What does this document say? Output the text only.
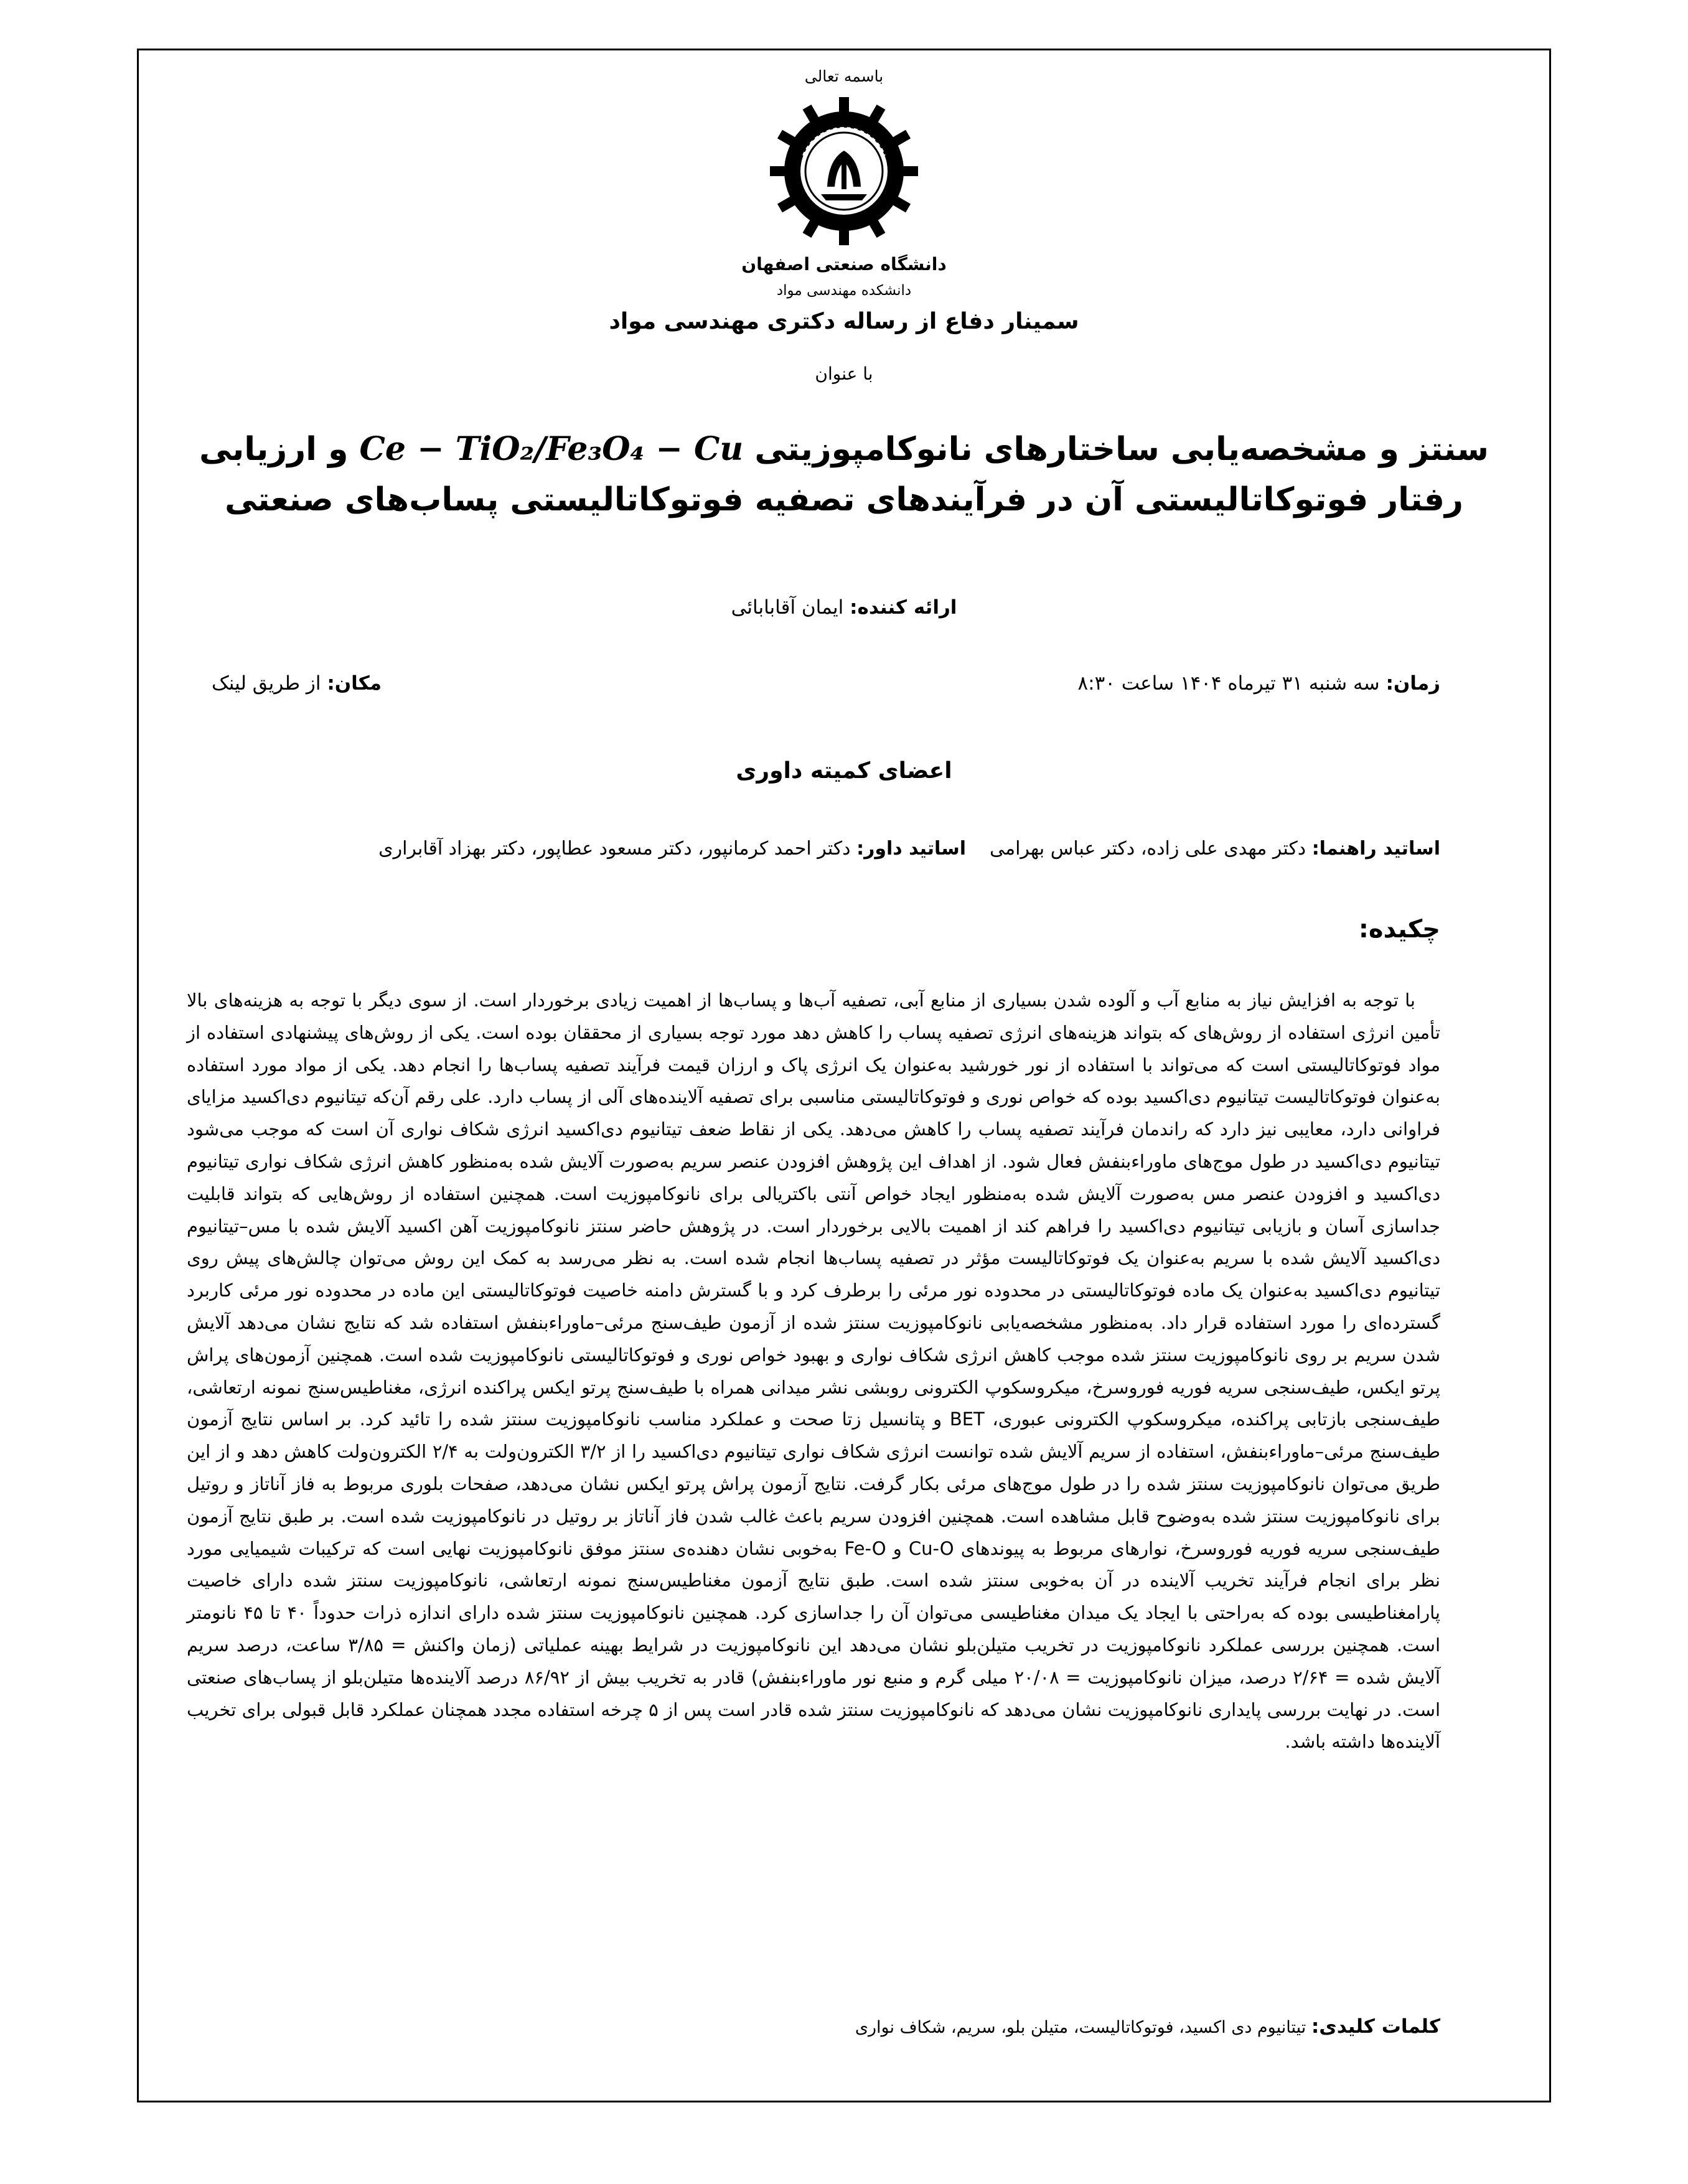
باسمه تعالی
دانشگاه صنعتی اصفهان
دانشکده مهندسی مواد
سمینار دفاع از رساله دکتری مهندسی مواد
با عنوان
سنتز و مشخصه‌یابی ساختارهای نانوکامپوزیتی Ce − TiO₂/Fe₃O₄ − Cu و ارزیابی رفتار فوتوکاتالیستی آن در فرآیندهای تصفیه فوتوکاتالیستی پساب‌های صنعتی
ارائه کننده: ایمان آقابابائی
زمان: سه شنبه ۳۱ تیرماه ۱۴۰۴ ساعت ۸:۳۰
مکان: از طریق لینک
اعضای کمیته داوری
اساتید راهنما: دکتر مهدی علی زاده، دکتر عباس بهرامیاساتید داور: دکتر احمد کرمانپور، دکتر مسعود عطاپور، دکتر بهزاد آقابراری
چکیده:
با توجه به افزایش نیاز به منابع آب و آلوده شدن بسیاری از منابع آبی، تصفیه آب‌ها و پساب‌ها از اهمیت زیادی برخوردار است. از سوی دیگر با توجه به هزینه‌های بالا تأمین انرژی استفاده از روش‌های که بتواند هزینه‌های انرژی تصفیه پساب را کاهش دهد مورد توجه بسیاری از محققان بوده است. یکی از روش‌های پیشنهادی استفاده از مواد فوتوکاتالیستی است که می‌تواند با استفاده از نور خورشید به‌عنوان یک انرژی پاک و ارزان قیمت فرآیند تصفیه پساب‌ها را انجام دهد. یکی از مواد مورد استفاده به‌عنوان فوتوکاتالیست تیتانیوم دی‌اکسید بوده که خواص نوری و فوتوکاتالیستی مناسبی برای تصفیه آلاینده‌های آلی از پساب دارد. علی رقم آن‌که تیتانیوم دی‌اکسید مزایای فراوانی دارد، معایبی نیز دارد که راندمان فرآیند تصفیه پساب را کاهش می‌دهد. یکی از نقاط ضعف تیتانیوم دی‌اکسید انرژی شکاف نواری آن است که موجب می‌شود تیتانیوم دی‌اکسید در طول موج‌های ماوراءبنفش فعال شود. از اهداف این پژوهش افزودن عنصر سریم به‌صورت آلایش شده به‌منظور کاهش انرژی شکاف نواری تیتانیوم دی‌اکسید و افزودن عنصر مس به‌صورت آلایش شده به‌منظور ایجاد خواص آنتی باکتریالی برای نانوکامپوزیت است. همچنین استفاده از روش‌هایی که بتواند قابلیت جداسازی آسان و بازیابی تیتانیوم دی‌اکسید را فراهم کند از اهمیت بالایی برخوردار است. در پژوهش حاضر سنتز نانوکامپوزیت آهن اکسید آلایش شده با مس–تیتانیوم دی‌اکسید آلایش شده با سریم به‌عنوان یک فوتوکاتالیست مؤثر در تصفیه پساب‌ها انجام شده است. به نظر می‌رسد به کمک این روش می‌توان چالش‌های پیش روی تیتانیوم دی‌اکسید به‌عنوان یک ماده فوتوکاتالیستی در محدوده نور مرئی را برطرف کرد و با گسترش دامنه خاصیت فوتوکاتالیستی این ماده در محدوده نور مرئی کاربرد گسترده‌ای را مورد استفاده قرار داد. به‌منظور مشخصه‌یابی نانوکامپوزیت سنتز شده از آزمون طیف‌سنج مرئی–ماوراءبنفش استفاده شد که نتایج نشان می‌دهد آلایش شدن سریم بر روی نانوکامپوزیت سنتز شده موجب کاهش انرژی شکاف نواری و بهبود خواص نوری و فوتوکاتالیستی نانوکامپوزیت شده است. همچنین آزمون‌های پراش پرتو ایکس، طیف‌سنجی سریه فوریه فوروسرخ، میکروسکوپ الکترونی روبشی نشر میدانی همراه با طیف‌سنج پرتو ایکس پراکنده انرژی، مغناطیس‌سنج نمونه ارتعاشی، طیف‌سنجی بازتابی پراکنده، میکروسکوپ الکترونی عبوری، BET و پتانسیل زتا صحت و عملکرد مناسب نانوکامپوزیت سنتز شده را تائید کرد. بر اساس نتایج آزمون طیف‌سنج مرئی–ماوراءبنفش، استفاده از سریم آلایش شده توانست انرژی شکاف نواری تیتانیوم دی‌اکسید را از ۳/۲ الکترون‌ولت به ۲/۴ الکترون‌ولت کاهش دهد و از این طریق می‌توان نانوکامپوزیت سنتز شده را در طول موج‌های مرئی بکار گرفت. نتایج آزمون پراش پرتو ایکس نشان می‌دهد، صفحات بلوری مربوط به فاز آناتاز و روتیل برای نانوکامپوزیت سنتز شده به‌وضوح قابل مشاهده است. همچنین افزودن سریم باعث غالب شدن فاز آناتاز بر روتیل در نانوکامپوزیت شده است. بر طبق نتایج آزمون طیف‌سنجی سریه فوریه فوروسرخ، نوارهای مربوط به پیوندهای Cu-O و Fe-O به‌خوبی نشان دهنده‌ی سنتز موفق نانوکامپوزیت نهایی است که ترکیبات شیمیایی مورد نظر برای انجام فرآیند تخریب آلاینده در آن به‌خوبی سنتز شده است. طبق نتایج آزمون مغناطیس‌سنج نمونه ارتعاشی، نانوکامپوزیت سنتز شده دارای خاصیت پارامغناطیسی بوده که به‌راحتی با ایجاد یک میدان مغناطیسی می‌توان آن را جداسازی کرد. همچنین نانوکامپوزیت سنتز شده دارای اندازه ذرات حدوداً ۴۰ تا ۴۵ نانومتر است. همچنین بررسی عملکرد نانوکامپوزیت در تخریب متیلن‌بلو نشان می‌دهد این نانوکامپوزیت در شرایط بهینه عملیاتی (زمان واکنش = ۳/۸۵ ساعت، درصد سریم آلایش شده = ۲/۶۴ درصد، میزان نانوکامپوزیت = ۲۰/۰۸ میلی گرم و منبع نور ماوراءبنفش) قادر به تخریب بیش از ۸۶/۹۲ درصد آلاینده‌ها متیلن‌بلو از پساب‌های صنعتی است. در نهایت بررسی پایداری نانوکامپوزیت نشان می‌دهد که نانوکامپوزیت سنتز شده قادر است پس از ۵ چرخه استفاده مجدد همچنان عملکرد قابل قبولی برای تخریب آلاینده‌ها داشته باشد.
کلمات کلیدی: تیتانیوم دی اکسید، فوتوکاتالیست، متیلن بلو، سریم، شکاف نواری
